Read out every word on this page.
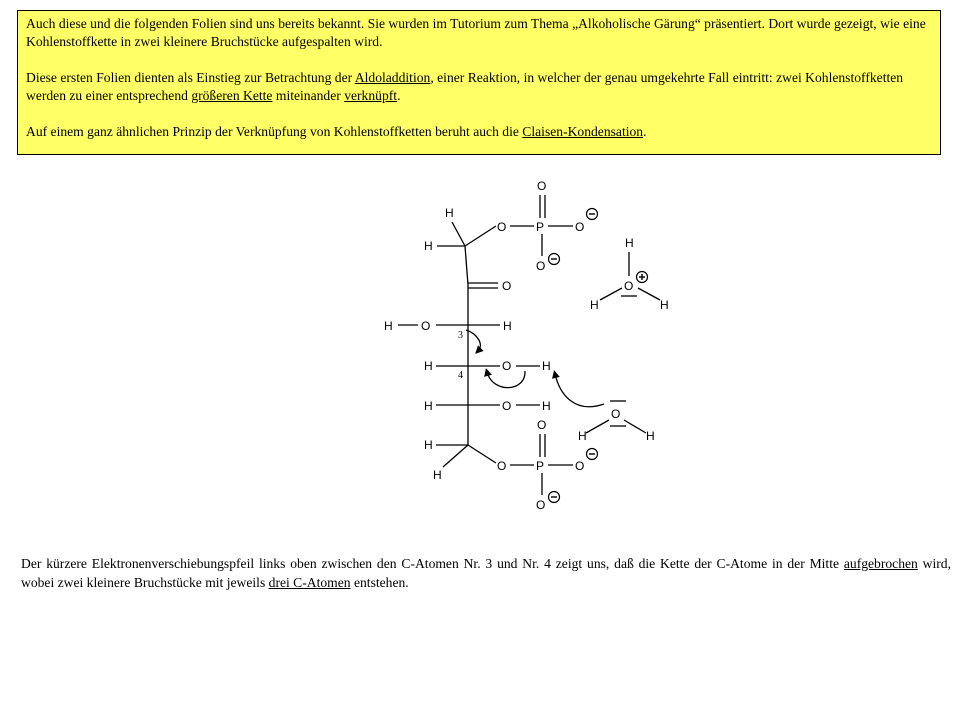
Auch diese und die folgenden Folien sind uns bereits bekannt. Sie wurden im Tutorium zum Thema „Alkoholische Gärung“ präsentiert. Dort wurde gezeigt, wie eine Kohlenstoffkette in zwei kleinere Bruchstücke aufgespalten wird.

Diese ersten Folien dienten als Einstieg zur Betrachtung der Aldoladdition, einer Reaktion, in welcher der genau umgekehrte Fall eintritt: zwei Kohlenstoffketten werden zu einer entsprechend größeren Kette miteinander verknüpft.

Auf einem ganz ähnlichen Prinzip der Verknüpfung von Kohlenstoffketten beruht auch die Claisen-Kondensation.

O
H
H
O P	O
O
O
H O	H
3
H	O	H
4
H	O	H
O
H
H
O P	O
O
H
O
H	H
O
H	H
Der kürzere Elektronenverschiebungspfeil links oben zwischen den C-Atomen Nr. 3 und Nr. 4 zeigt uns, daß die Kette der C-Atome in der Mitte aufgebrochen wird, wobei zwei kleinere Bruchstücke mit jeweils drei C-Atomen entstehen.
